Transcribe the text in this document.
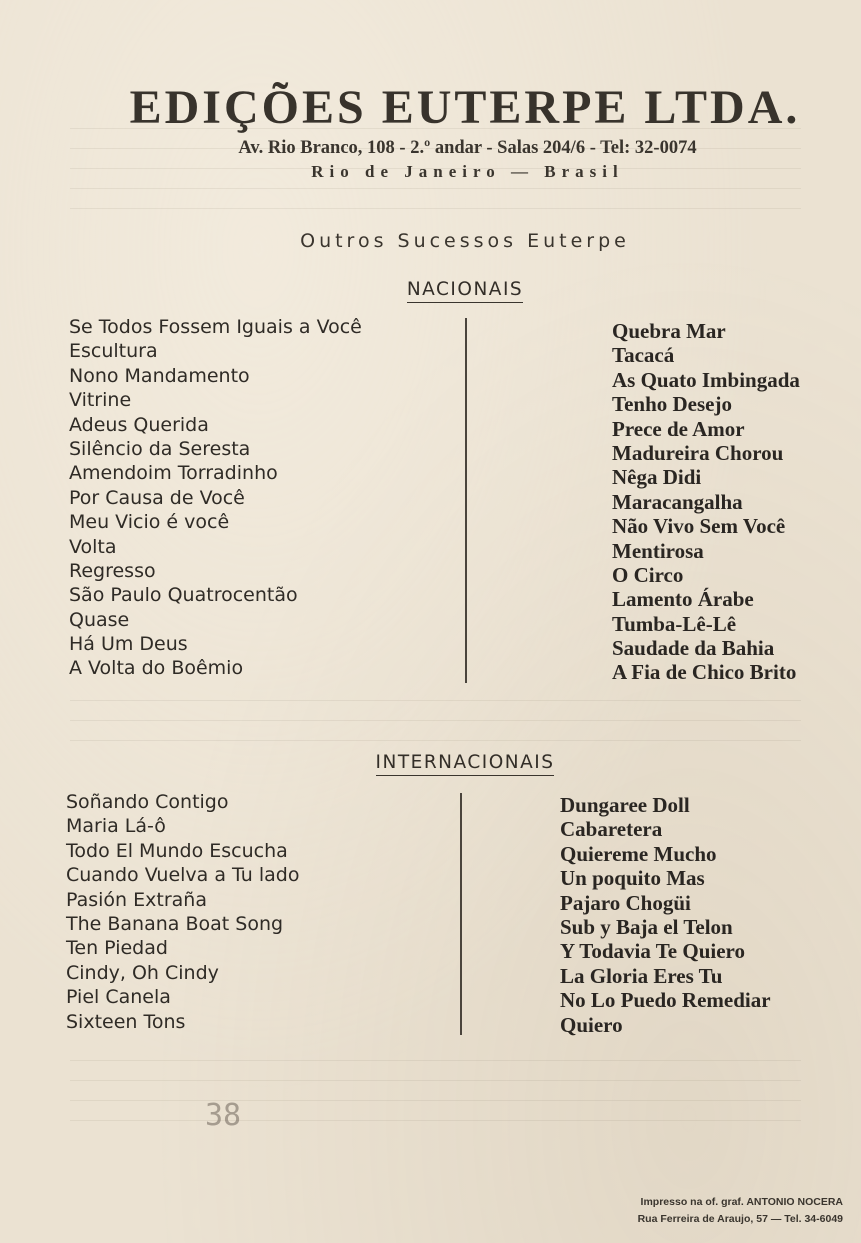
EDIÇÕES EUTERPE LTDA.
Av. Rio Branco, 108 - 2.º andar - Salas 204/6 - Tel: 32-0074
Rio de Janeiro — Brasil
Outros Sucessos Euterpe
NACIONAIS
Se Todos Fossem Iguais a Você
Escultura
Nono Mandamento
Vitrine
Adeus Querida
Silêncio da Seresta
Amendoim Torradinho
Por Causa de Você
Meu Vicio é você
Volta
Regresso
São Paulo Quatrocentão
Quase
Há Um Deus
A Volta do Boêmio
Quebra Mar
Tacacá
As Quato Imbingada
Tenho Desejo
Prece de Amor
Madureira Chorou
Nêga Didi
Maracangalha
Não Vivo Sem Você
Mentirosa
O Circo
Lamento Árabe
Tumba-Lê-Lê
Saudade da Bahia
A Fia de Chico Brito
INTERNACIONAIS
Soñando Contigo
Maria Lá-ô
Todo El Mundo Escucha
Cuando Vuelva a Tu lado
Pasión Extraña
The Banana Boat Song
Ten Piedad
Cindy, Oh Cindy
Piel Canela
Sixteen Tons
Dungaree Doll
Cabaretera
Quiereme Mucho
Un poquito Mas
Pajaro Chogüi
Sub y Baja el Telon
Y Todavia Te Quiero
La Gloria Eres Tu
No Lo Puedo Remediar
Quiero
38
Impresso na of. graf. ANTONIO NOCERA
Rua Ferreira de Araujo, 57 — Tel. 34-6049
